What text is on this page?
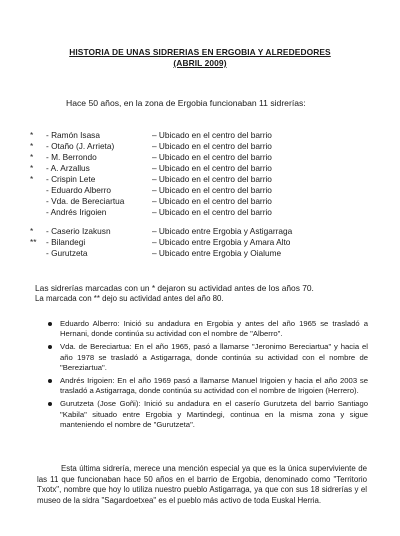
HISTORIA DE UNAS SIDRERIAS EN ERGOBIA Y ALREDEDORES
(ABRIL 2009)
Hace 50 años, en la zona de Ergobia funcionaban 11 sidrerías:
*	- Ramón Isasa	– Ubicado en el centro del barrio
*	- Otaño (J. Arrieta)	– Ubicado en el centro del barrio
*	- M. Berrondo	– Ubicado en el centro del barrio
*	- A. Arzallus	– Ubicado en el centro del barrio
*	- Crispin Lete	– Ubicado en el centro del barrio
- Eduardo Alberro	– Ubicado en el centro del barrio
- Vda. de Bereciartua	– Ubicado en el centro del barrio
- Andrés Irigoien	– Ubicado en el centro del barrio
*	- Caserio Izakusn	– Ubicado entre Ergobia y Astigarraga
**	- Bilandegi	– Ubicado entre Ergobia y Amara Alto
- Gurutzeta	– Ubicado entre Ergobia y Oialume
Las sidrerías marcadas con un * dejaron su actividad antes de los años 70.
La marcada con ** dejo su actividad antes del año 80.
Eduardo Alberro: Inició su andadura en Ergobia y antes del año 1965 se trasladó a Hernani, donde continúa su actividad con el nombre de "Alberro".
Vda. de Bereciartua: En el año 1965, pasó a llamarse "Jeronimo Bereciartua" y hacia el año 1978 se trasladó a Astigarraga, donde continúa su actividad con el nombre de "Bereziartua".
Andrés Irigoien: En el año 1969 pasó a llamarse Manuel Irigoien y hacia el año 2003 se trasladó a Astigarraga, donde continúa su actividad con el nombre de Irigoien (Herrero).
Gurutzeta (Jose Goñi): Inició su andadura en el caserío Gurutzeta del barrio Santiago "Kabila" situado entre Ergobia y Martindegi, continua en la misma zona y sigue manteniendo el nombre de "Gurutzeta".
Esta última sidrería, merece una mención especial ya que es la única superviviente de las 11 que funcionaban hace 50 años en el barrio de Ergobia, denominado como "Territorio Txotx", nombre que hoy lo utiliza nuestro pueblo Astigarraga, ya que con sus 18 sidrerías y el museo de la sidra "Sagardoetxea" es el pueblo más activo de toda Euskal Herria.
